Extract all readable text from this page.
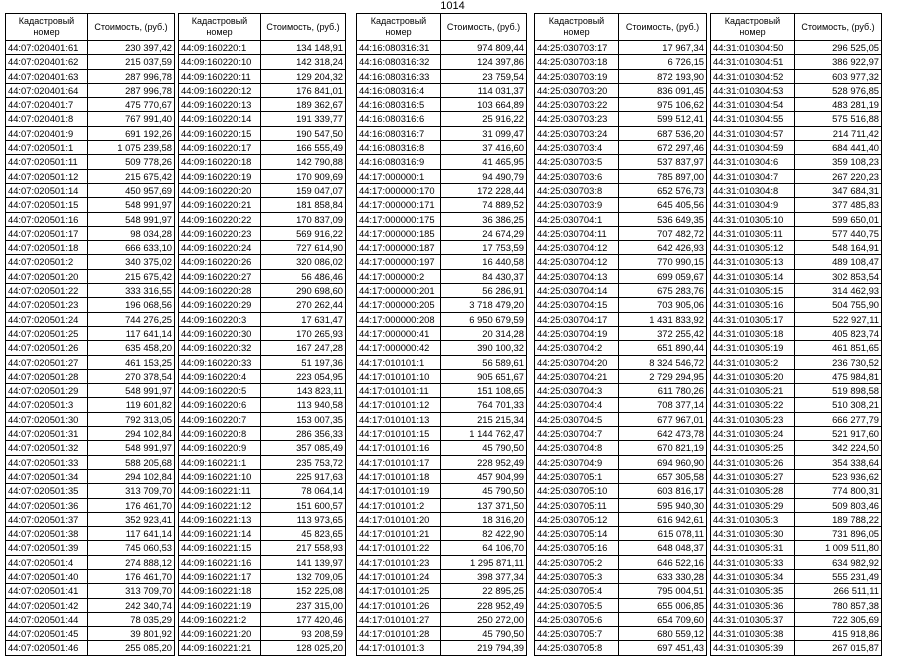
1014
Кадастровый номер	Стоимость, (руб.)
44:07:020401:61	230 397,42
44:07:020401:62	215 037,59
44:07:020401:63	287 996,78
44:07:020401:64	287 996,78
44:07:020401:7	475 770,67
44:07:020401:8	767 991,40
44:07:020401:9	691 192,26
44:07:020501:1	1 075 239,58
44:07:020501:11	509 778,26
44:07:020501:12	215 675,42
44:07:020501:14	450 957,69
44:07:020501:15	548 991,97
44:07:020501:16	548 991,97
44:07:020501:17	98 034,28
44:07:020501:18	666 633,10
44:07:020501:2	340 375,02
44:07:020501:20	215 675,42
44:07:020501:22	333 316,55
44:07:020501:23	196 068,56
44:07:020501:24	744 276,25
44:07:020501:25	117 641,14
44:07:020501:26	635 458,20
44:07:020501:27	461 153,25
44:07:020501:28	270 378,54
44:07:020501:29	548 991,97
44:07:020501:3	119 601,82
44:07:020501:30	792 313,05
44:07:020501:31	294 102,84
44:07:020501:32	548 991,97
44:07:020501:33	588 205,68
44:07:020501:34	294 102,84
44:07:020501:35	313 709,70
44:07:020501:36	176 461,70
44:07:020501:37	352 923,41
44:07:020501:38	117 641,14
44:07:020501:39	745 060,53
44:07:020501:4	274 888,12
44:07:020501:40	176 461,70
44:07:020501:41	313 709,70
44:07:020501:42	242 340,74
44:07:020501:44	78 035,29
44:07:020501:45	39 801,92
44:07:020501:46	255 085,20
Кадастровый номер	Стоимость, (руб.)
44:09:160220:1	134 148,91
44:09:160220:10	142 318,24
44:09:160220:11	129 204,32
44:09:160220:12	176 841,01
44:09:160220:13	189 362,67
44:09:160220:14	191 339,77
44:09:160220:15	190 547,50
44:09:160220:17	166 555,49
44:09:160220:18	142 790,88
44:09:160220:19	170 909,69
44:09:160220:20	159 047,07
44:09:160220:21	181 858,84
44:09:160220:22	170 837,09
44:09:160220:23	569 916,22
44:09:160220:24	727 614,90
44:09:160220:26	320 086,02
44:09:160220:27	56 486,46
44:09:160220:28	290 698,60
44:09:160220:29	270 262,44
44:09:160220:3	17 631,47
44:09:160220:30	170 265,93
44:09:160220:32	167 247,28
44:09:160220:33	51 197,36
44:09:160220:4	223 054,95
44:09:160220:5	143 823,11
44:09:160220:6	113 940,58
44:09:160220:7	153 007,35
44:09:160220:8	286 356,33
44:09:160220:9	357 085,49
44:09:160221:1	235 753,72
44:09:160221:10	225 917,63
44:09:160221:11	78 064,14
44:09:160221:12	151 600,57
44:09:160221:13	113 973,65
44:09:160221:14	45 823,65
44:09:160221:15	217 558,93
44:09:160221:16	141 139,97
44:09:160221:17	132 709,05
44:09:160221:18	152 225,08
44:09:160221:19	237 315,00
44:09:160221:2	177 420,46
44:09:160221:20	93 208,59
44:09:160221:21	128 025,20
Кадастровый номер	Стоимость, (руб.)
44:16:080316:31	974 809,44
44:16:080316:32	124 397,86
44:16:080316:33	23 759,54
44:16:080316:4	114 031,37
44:16:080316:5	103 664,89
44:16:080316:6	25 916,22
44:16:080316:7	31 099,47
44:16:080316:8	37 416,60
44:16:080316:9	41 465,95
44:17:000000:1	94 490,79
44:17:000000:170	172 228,44
44:17:000000:171	74 889,52
44:17:000000:175	36 386,25
44:17:000000:185	24 674,29
44:17:000000:187	17 753,59
44:17:000000:197	16 440,58
44:17:000000:2	84 430,37
44:17:000000:201	56 286,91
44:17:000000:205	3 718 479,20
44:17:000000:208	6 950 679,59
44:17:000000:41	20 314,28
44:17:000000:42	390 100,32
44:17:010101:1	56 589,61
44:17:010101:10	905 651,67
44:17:010101:11	151 108,65
44:17:010101:12	764 701,33
44:17:010101:13	215 215,34
44:17:010101:15	1 144 762,47
44:17:010101:16	45 790,50
44:17:010101:17	228 952,49
44:17:010101:18	457 904,99
44:17:010101:19	45 790,50
44:17:010101:2	137 371,50
44:17:010101:20	18 316,20
44:17:010101:21	82 422,90
44:17:010101:22	64 106,70
44:17:010101:23	1 295 871,11
44:17:010101:24	398 377,34
44:17:010101:25	22 895,25
44:17:010101:26	228 952,49
44:17:010101:27	250 272,00
44:17:010101:28	45 790,50
44:17:010101:3	219 794,39
Кадастровый номер	Стоимость, (руб.)
44:25:030703:17	17 967,34
44:25:030703:18	6 726,15
44:25:030703:19	872 193,90
44:25:030703:20	836 091,45
44:25:030703:22	975 106,62
44:25:030703:23	599 512,41
44:25:030703:24	687 536,20
44:25:030703:4	672 297,46
44:25:030703:5	537 837,97
44:25:030703:6	785 897,00
44:25:030703:8	652 576,73
44:25:030703:9	645 405,56
44:25:030704:1	536 649,35
44:25:030704:11	707 482,72
44:25:030704:12	642 426,93
44:25:030704:12	770 990,15
44:25:030704:13	699 059,67
44:25:030704:14	675 283,76
44:25:030704:15	703 905,06
44:25:030704:17	1 431 833,92
44:25:030704:19	372 255,42
44:25:030704:2	651 890,44
44:25:030704:20	8 324 546,72
44:25:030704:21	2 729 294,95
44:25:030704:3	611 780,26
44:25:030704:4	708 377,14
44:25:030704:5	677 967,01
44:25:030704:7	642 473,78
44:25:030704:8	670 821,19
44:25:030704:9	694 960,90
44:25:030705:1	657 305,58
44:25:030705:10	603 816,17
44:25:030705:11	595 940,30
44:25:030705:12	616 942,61
44:25:030705:14	615 078,11
44:25:030705:16	648 048,37
44:25:030705:2	646 522,16
44:25:030705:3	633 330,28
44:25:030705:4	795 004,51
44:25:030705:5	655 006,85
44:25:030705:6	654 709,60
44:25:030705:7	680 559,12
44:25:030705:8	697 451,43
Кадастровый номер	Стоимость, (руб.)
44:31:010304:50	296 525,05
44:31:010304:51	386 922,97
44:31:010304:52	603 977,32
44:31:010304:53	528 976,85
44:31:010304:54	483 281,19
44:31:010304:55	575 516,88
44:31:010304:57	214 711,42
44:31:010304:59	684 441,40
44:31:010304:6	359 108,23
44:31:010304:7	267 220,23
44:31:010304:8	347 684,31
44:31:010304:9	377 485,83
44:31:010305:10	599 650,01
44:31:010305:11	577 440,75
44:31:010305:12	548 164,91
44:31:010305:13	489 108,47
44:31:010305:14	302 853,54
44:31:010305:15	314 462,93
44:31:010305:16	504 755,90
44:31:010305:17	522 927,11
44:31:010305:18	405 823,74
44:31:010305:19	461 851,65
44:31:010305:2	236 730,52
44:31:010305:20	475 984,81
44:31:010305:21	519 898,58
44:31:010305:22	510 308,21
44:31:010305:23	666 277,79
44:31:010305:24	521 917,60
44:31:010305:25	342 224,50
44:31:010305:26	354 338,64
44:31:010305:27	523 936,62
44:31:010305:28	774 800,31
44:31:010305:29	509 803,46
44:31:010305:3	189 788,22
44:31:010305:30	731 896,05
44:31:010305:31	1 009 511,80
44:31:010305:33	634 982,92
44:31:010305:34	555 231,49
44:31:010305:35	266 511,11
44:31:010305:36	780 857,38
44:31:010305:37	722 305,69
44:31:010305:38	415 918,86
44:31:010305:39	267 015,87
